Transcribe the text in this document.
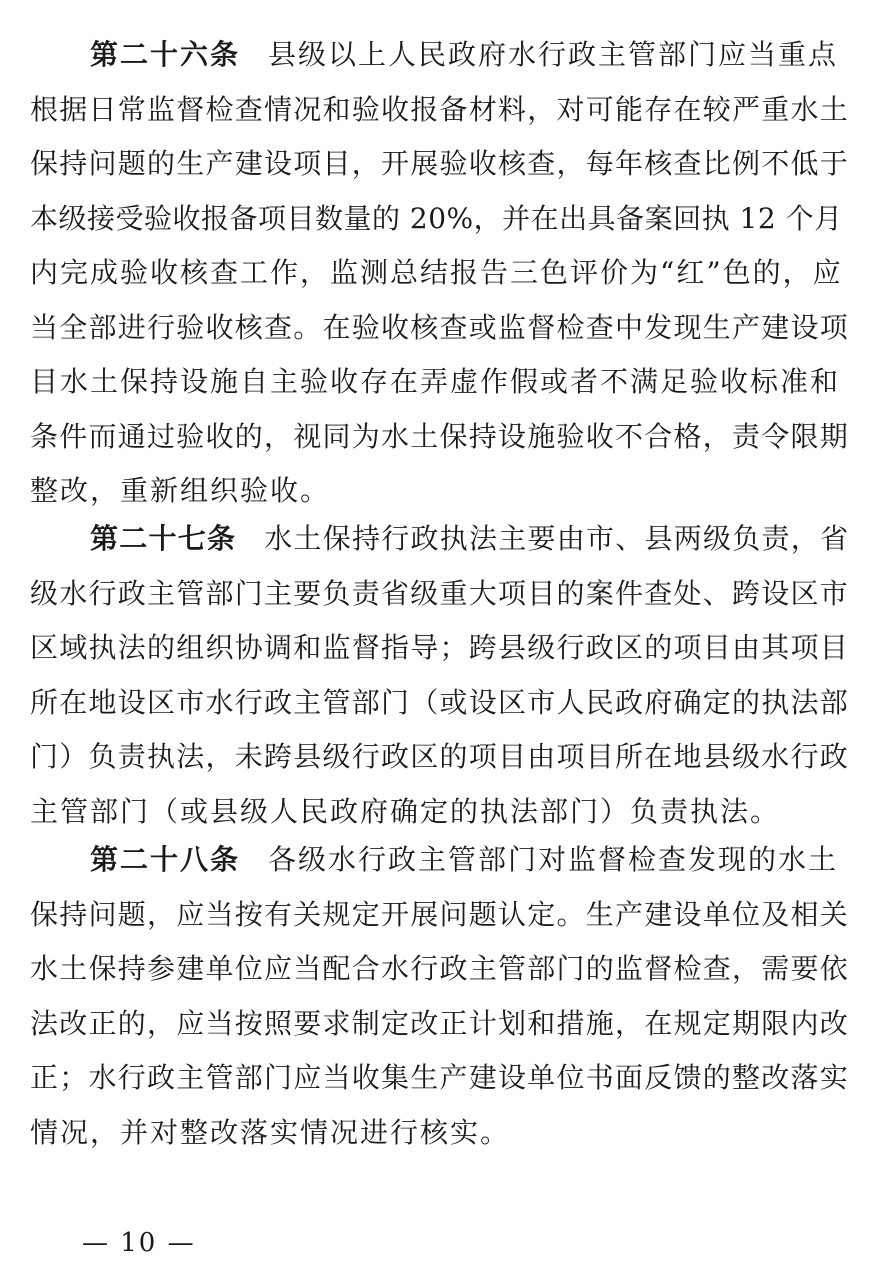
第二十六条 县级以上人民政府水行政主管部门应当重点
根据日常监督检查情况和验收报备材料，对可能存在较严重水土
保持问题的生产建设项目，开展验收核查，每年核查比例不低于
本级接受验收报备项目数量的 20%，并在出具备案回执 12 个月
内完成验收核查工作，监测总结报告三色评价为“红”色的，应
当全部进行验收核查。在验收核查或监督检查中发现生产建设项
目水土保持设施自主验收存在弄虚作假或者不满足验收标准和
条件而通过验收的，视同为水土保持设施验收不合格，责令限期
整改，重新组织验收。
第二十七条 水土保持行政执法主要由市、县两级负责，省
级水行政主管部门主要负责省级重大项目的案件查处、跨设区市
区域执法的组织协调和监督指导；跨县级行政区的项目由其项目
所在地设区市水行政主管部门（或设区市人民政府确定的执法部
门）负责执法，未跨县级行政区的项目由项目所在地县级水行政
主管部门（或县级人民政府确定的执法部门）负责执法。
第二十八条 各级水行政主管部门对监督检查发现的水土
保持问题，应当按有关规定开展问题认定。生产建设单位及相关
水土保持参建单位应当配合水行政主管部门的监督检查，需要依
法改正的，应当按照要求制定改正计划和措施，在规定期限内改
正；水行政主管部门应当收集生产建设单位书面反馈的整改落实
情况，并对整改落实情况进行核实。
— 10 —
